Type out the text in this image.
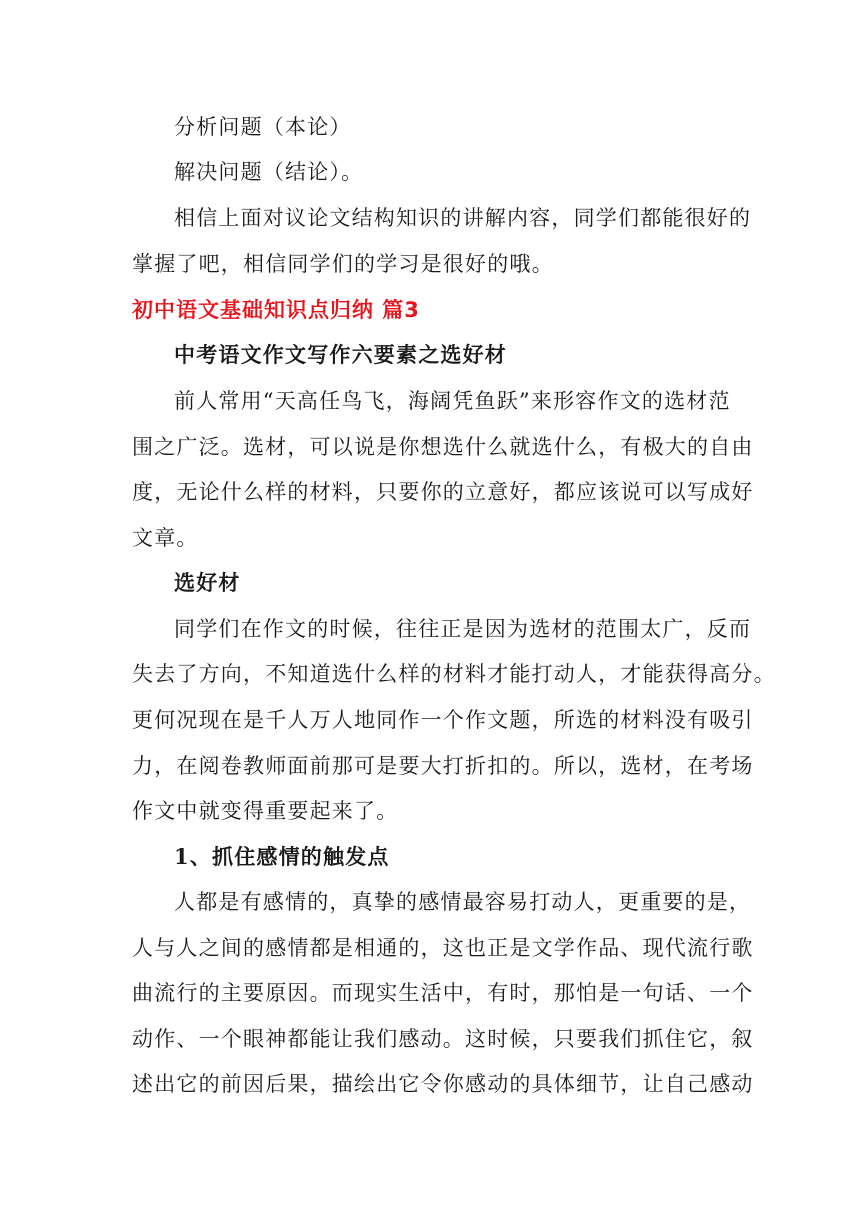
分析问题（本论）
解决问题（结论）。
相信上面对议论文结构知识的讲解内容，同学们都能很好的
掌握了吧，相信同学们的学习是很好的哦。
初中语文基础知识点归纳 篇3
中考语文作文写作六要素之选好材
前人常用“天高任鸟飞，海阔凭鱼跃”来形容作文的选材范
围之广泛。选材，可以说是你想选什么就选什么，有极大的自由
度，无论什么样的材料，只要你的立意好，都应该说可以写成好
文章。
选好材
同学们在作文的时候，往往正是因为选材的范围太广，反而
失去了方向，不知道选什么样的材料才能打动人，才能获得高分。
更何况现在是千人万人地同作一个作文题，所选的材料没有吸引
力，在阅卷教师面前那可是要大打折扣的。所以，选材，在考场
作文中就变得重要起来了。
1、抓住感情的触发点
人都是有感情的，真挚的感情最容易打动人，更重要的是，
人与人之间的感情都是相通的，这也正是文学作品、现代流行歌
曲流行的主要原因。而现实生活中，有时，那怕是一句话、一个
动作、一个眼神都能让我们感动。这时候，只要我们抓住它，叙
述出它的前因后果，描绘出它令你感动的具体细节，让自己感动
